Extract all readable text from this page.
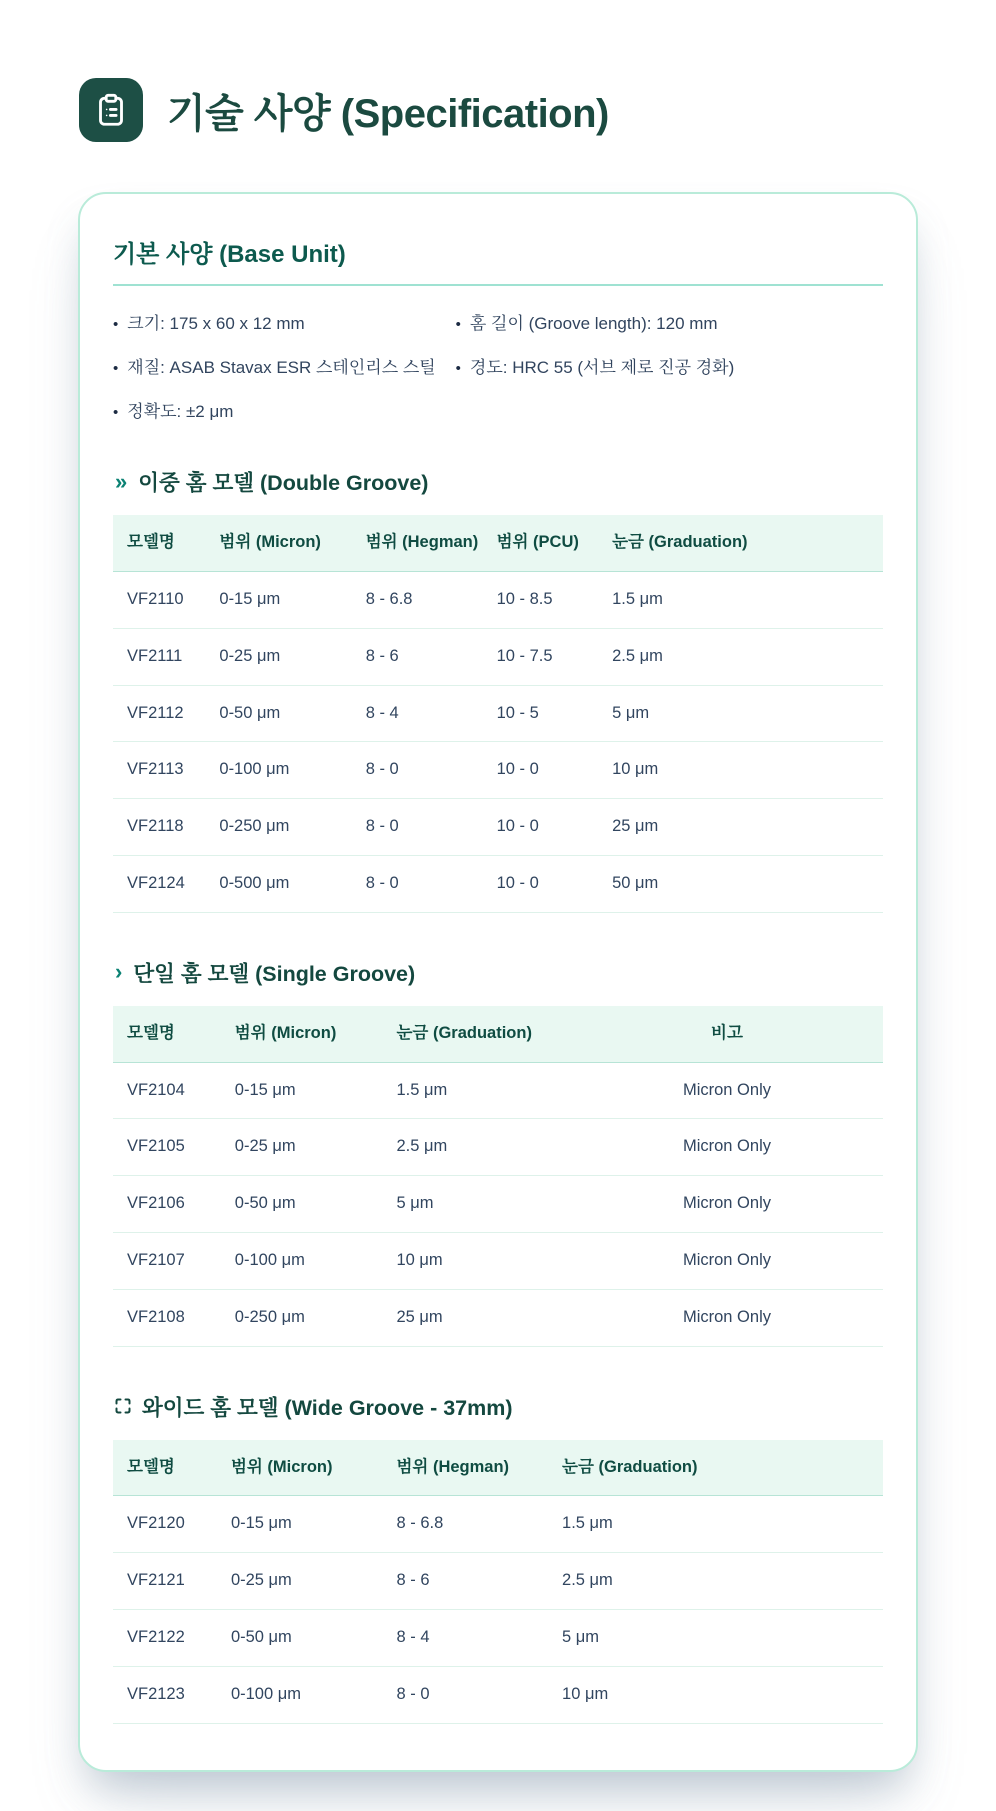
기술 사양 (Specification)
기본 사양 (Base Unit)
• 크기: 175 x 60 x 12 mm	• 홈 길이 (Groove length): 120 mm
• 재질: ASAB Stavax ESR 스테인리스 스틸	• 경도: HRC 55 (서브 제로 진공 경화)
• 정확도: ±2 μm
» 이중 홈 모델 (Double Groove)
모델명	범위 (Micron)	범위 (Hegman)	범위 (PCU)	눈금 (Graduation)
VF2110	0-15 μm	8 - 6.8	10 - 8.5	1.5 μm
VF2111	0-25 μm	8 - 6	10 - 7.5	2.5 μm
VF2112	0-50 μm	8 - 4	10 - 5	5 μm
VF2113	0-100 μm	8 - 0	10 - 0	10 μm
VF2118	0-250 μm	8 - 0	10 - 0	25 μm
VF2124	0-500 μm	8 - 0	10 - 0	50 μm
› 단일 홈 모델 (Single Groove)
모델명	범위 (Micron)	눈금 (Graduation)	비고
VF2104	0-15 μm	1.5 μm	Micron Only
VF2105	0-25 μm	2.5 μm	Micron Only
VF2106	0-50 μm	5 μm	Micron Only
VF2107	0-100 μm	10 μm	Micron Only
VF2108	0-250 μm	25 μm	Micron Only
와이드 홈 모델 (Wide Groove - 37mm)
모델명	범위 (Micron)	범위 (Hegman)	눈금 (Graduation)
VF2120	0-15 μm	8 - 6.8	1.5 μm
VF2121	0-25 μm	8 - 6	2.5 μm
VF2122	0-50 μm	8 - 4	5 μm
VF2123	0-100 μm	8 - 0	10 μm
